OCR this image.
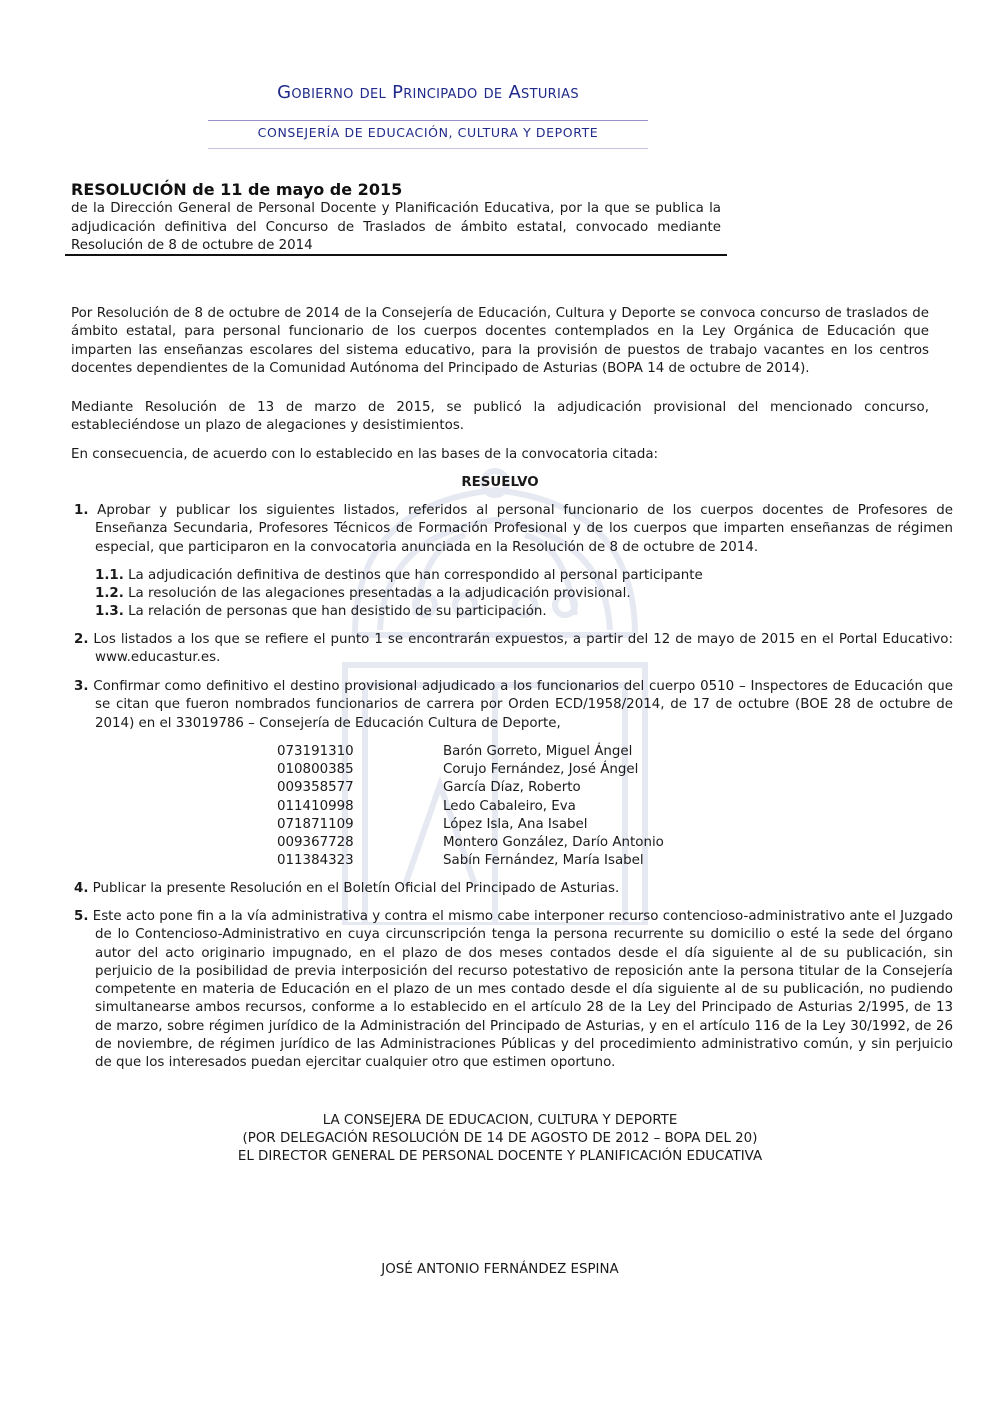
Gobierno del Principado de Asturias
CONSEJERÍA DE EDUCACIÓN, CULTURA Y DEPORTE
RESOLUCIÓN de 11 de mayo de 2015
de la Dirección General de Personal Docente y Planificación Educativa, por la que se publica la adjudicación definitiva del Concurso de Traslados de ámbito estatal, convocado mediante Resolución de 8 de octubre de 2014
Por Resolución de 8 de octubre de 2014 de la Consejería de Educación, Cultura y Deporte se convoca concurso de traslados de ámbito estatal, para personal funcionario de los cuerpos docentes contemplados en la Ley Orgánica de Educación que imparten las enseñanzas escolares del sistema educativo, para la provisión de puestos de trabajo vacantes en los centros docentes dependientes de la Comunidad Autónoma del Principado de Asturias (BOPA 14 de octubre de 2014).
Mediante Resolución de 13 de marzo de 2015, se publicó la adjudicación provisional del mencionado concurso, estableciéndose un plazo de alegaciones y desistimientos.
En consecuencia, de acuerdo con lo establecido en las bases de la convocatoria citada:
RESUELVO
1. Aprobar y publicar los siguientes listados, referidos al personal funcionario de los cuerpos docentes de Profesores de Enseñanza Secundaria, Profesores Técnicos de Formación Profesional y de los cuerpos que imparten enseñanzas de régimen especial, que participaron en la convocatoria anunciada en la Resolución de 8 de octubre de 2014.
1.1. La adjudicación definitiva de destinos que han correspondido al personal participante
1.2. La resolución de las alegaciones presentadas a la adjudicación provisional.
1.3. La relación de personas que han desistido de su participación.
2. Los listados a los que se refiere el punto 1 se encontrarán expuestos, a partir del 12 de mayo de 2015 en el Portal Educativo: www.educastur.es.
3. Confirmar como definitivo el destino provisional adjudicado a los funcionarios del cuerpo 0510 – Inspectores de Educación que se citan que fueron nombrados funcionarios de carrera por Orden ECD/1958/2014, de 17 de octubre (BOE 28 de octubre de 2014) en el 33019786 – Consejería de Educación Cultura de Deporte,
073191310	Barón Gorreto, Miguel Ángel
010800385	Corujo Fernández, José Ángel
009358577	García Díaz, Roberto
011410998	Ledo Cabaleiro, Eva
071871109	López Isla, Ana Isabel
009367728	Montero González, Darío Antonio
011384323	Sabín Fernández, María Isabel
4. Publicar la presente Resolución en el Boletín Oficial del Principado de Asturias.
5. Este acto pone fin a la vía administrativa y contra el mismo cabe interponer recurso contencioso-administrativo ante el Juzgado de lo Contencioso-Administrativo en cuya circunscripción tenga la persona recurrente su domicilio o esté la sede del órgano autor del acto originario impugnado, en el plazo de dos meses contados desde el día siguiente al de su publicación, sin perjuicio de la posibilidad de previa interposición del recurso potestativo de reposición ante la persona titular de la Consejería competente en materia de Educación en el plazo de un mes contado desde el día siguiente al de su publicación, no pudiendo simultanearse ambos recursos, conforme a lo establecido en el artículo 28 de la Ley del Principado de Asturias 2/1995, de 13 de marzo, sobre régimen jurídico de la Administración del Principado de Asturias, y en el artículo 116 de la Ley 30/1992, de 26 de noviembre, de régimen jurídico de las Administraciones Públicas y del procedimiento administrativo común, y sin perjuicio de que los interesados puedan ejercitar cualquier otro que estimen oportuno.
LA CONSEJERA DE EDUCACION, CULTURA Y DEPORTE
(POR DELEGACIÓN RESOLUCIÓN DE 14 DE AGOSTO DE 2012 – BOPA DEL 20)
EL DIRECTOR GENERAL DE PERSONAL DOCENTE Y PLANIFICACIÓN EDUCATIVA
JOSÉ ANTONIO FERNÁNDEZ ESPINA
